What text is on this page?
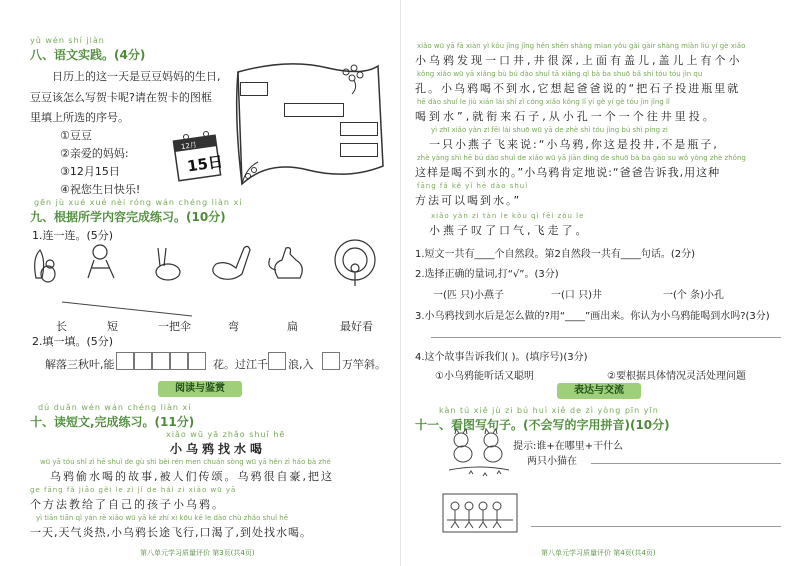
yǔ wén shí jiàn
八、语文实践。(4分)
日历上的这一天是豆豆妈妈的生日,
豆豆该怎么写贺卡呢?请在贺卡的图框
里填上所选的序号。
①豆豆
②亲爱的妈妈:
③12月15日
④祝您生日快乐!
12月
15日
gēn jù xué xué nèi róng wán chéng liàn xí
九、根据所学内容完成练习。(10分)
1.连一连。(5分)
长	短	一把伞	弯	扁	最好看
2.填一填。(5分)
解落三秋叶,能	花。过江千 浪,入	万竿斜。
阅读与鉴赏
dú duǎn wén wán chéng liàn xí
十、读短文,完成练习。(11分)
xiǎo wū yā zhǎo shuǐ hē
小乌鸦找水喝
wū yā tóu shǐ zì hē shuǐ de gù shì bèi rén men chuán sòng wū yā hěn zì háo bà zhé
乌鸦偷水喝的故事,被人们传颂。乌鸦很自豪,把这
ge fāng fǎ jiāo gěi le zì jǐ de hái zi xiǎo wū yā
个方法教给了自己的孩子小乌鸦。
yì tiān tiān qì yán rè xiǎo wū yā kě zhí xì kōu kē le dào chù zhǎo shuǐ hē
一天,天气炎热,小乌鸦长途飞行,口渴了,到处找水喝。
第八单元学习质量评价 第3页(共4页)
xiǎo wū yā fā xiàn yì kǒu jǐng jǐng hěn shēn shàng mian yǒu gài gàir shàng miàn liú yí gè xiǎo
小乌鸦发现一口井,井很深,上面有盖儿,盖儿上有个小
kǒng xiǎo wū yā xiǎng bù bú dào shuǐ tā xiǎng qǐ bà ba shuō bǎ shí tóu tóu jìn qu
孔。小乌鸦喝不到水,它想起爸爸说的“把石子投进瓶里就
hē dào shuǐ le jiù xián lái shí zǐ cóng xiǎo kǒng lǐ yí gè yí gè tóu jìn jǐng lǐ
喝到水”,就衔来石子,从小孔一个一个往井里投。
yì zhī xiǎo yàn zi fēi lái shuō wū yā de zhè shì tóu jǐng bú shì píng zi
一只小燕子飞来说:“小乌鸦,你这是投井,不是瓶子,
zhè yàng shì hē bú dào shuǐ de xiǎo wū yā jiān dìng de shuō bà ba gào su wǒ yòng zhè zhǒng
这样是喝不到水的。”小乌鸦肯定地说:“爸爸告诉我,用这种
fāng fǎ kě yǐ hē dào shuǐ
方法可以喝到水。”
xiǎo yàn zi tàn le kǒu qì fēi zǒu le
小燕子叹了口气,飞走了。
1.短文一共有____个自然段。第2自然段一共有____句话。(2分)
2.选择正确的量词,打“√”。(3分)
一(匹 只)小燕子	一(口 只)井	一(个 条)小孔
3.小乌鸦找到水后是怎么做的?用“____”画出来。你认为小乌鸦能喝到水吗?(3分)
4.这个故事告诉我们( )。(填序号)(3分)
①小乌鸦能听话又聪明	②要根据具体情况灵活处理问题
表达与交流
kàn tú xiě jù zi bú huì xiě de zì yòng pīn yīn
十一、看图写句子。(不会写的字用拼音)(10分)
提示:谁+在哪里+干什么
两只小猫在
第八单元学习质量评价 第4页(共4页)
